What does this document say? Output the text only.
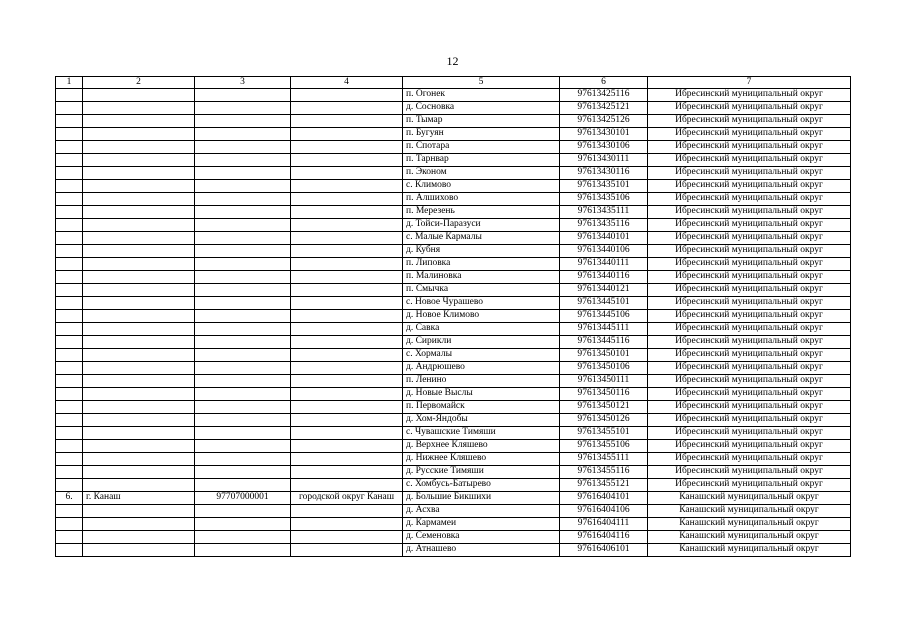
12
1	2	3	4	5	6	7
				п. Огонек	97613425116	Ибресинский муниципальный округ
				д. Сосновка	97613425121	Ибресинский муниципальный округ
				п. Тымар	97613425126	Ибресинский муниципальный округ
				п. Бугуян	97613430101	Ибресинский муниципальный округ
				п. Спотара	97613430106	Ибресинский муниципальный округ
				п. Тарнвар	97613430111	Ибресинский муниципальный округ
				п. Эконом	97613430116	Ибресинский муниципальный округ
				с. Климово	97613435101	Ибресинский муниципальный округ
				п. Алшихово	97613435106	Ибресинский муниципальный округ
				п. Мерезень	97613435111	Ибресинский муниципальный округ
				д. Тойси-Паразуси	97613435116	Ибресинский муниципальный округ
				с. Малые Кармалы	97613440101	Ибресинский муниципальный округ
				д. Кубня	97613440106	Ибресинский муниципальный округ
				п. Липовка	97613440111	Ибресинский муниципальный округ
				п. Малиновка	97613440116	Ибресинский муниципальный округ
				п. Смычка	97613440121	Ибресинский муниципальный округ
				с. Новое Чурашево	97613445101	Ибресинский муниципальный округ
				д. Новое Климово	97613445106	Ибресинский муниципальный округ
				д. Савка	97613445111	Ибресинский муниципальный округ
				д. Сирикли	97613445116	Ибресинский муниципальный округ
				с. Хормалы	97613450101	Ибресинский муниципальный округ
				д. Андрюшево	97613450106	Ибресинский муниципальный округ
				п. Ленино	97613450111	Ибресинский муниципальный округ
				д. Новые Выслы	97613450116	Ибресинский муниципальный округ
				п. Первомайск	97613450121	Ибресинский муниципальный округ
				д. Хом-Яндобы	97613450126	Ибресинский муниципальный округ
				с. Чувашские Тимяши	97613455101	Ибресинский муниципальный округ
				д. Верхнее Кляшево	97613455106	Ибресинский муниципальный округ
				д. Нижнее Кляшево	97613455111	Ибресинский муниципальный округ
				д. Русские Тимяши	97613455116	Ибресинский муниципальный округ
				с. Хомбусь-Батырево	97613455121	Ибресинский муниципальный округ
6.	г. Канаш	97707000001	городской округ Канаш	д. Большие Бикшихи	97616404101	Канашский муниципальный округ
				д. Асхва	97616404106	Канашский муниципальный округ
				д. Кармамеи	97616404111	Канашский муниципальный округ
				д. Семеновка	97616404116	Канашский муниципальный округ
				д. Атнашево	97616406101	Канашский муниципальный округ
